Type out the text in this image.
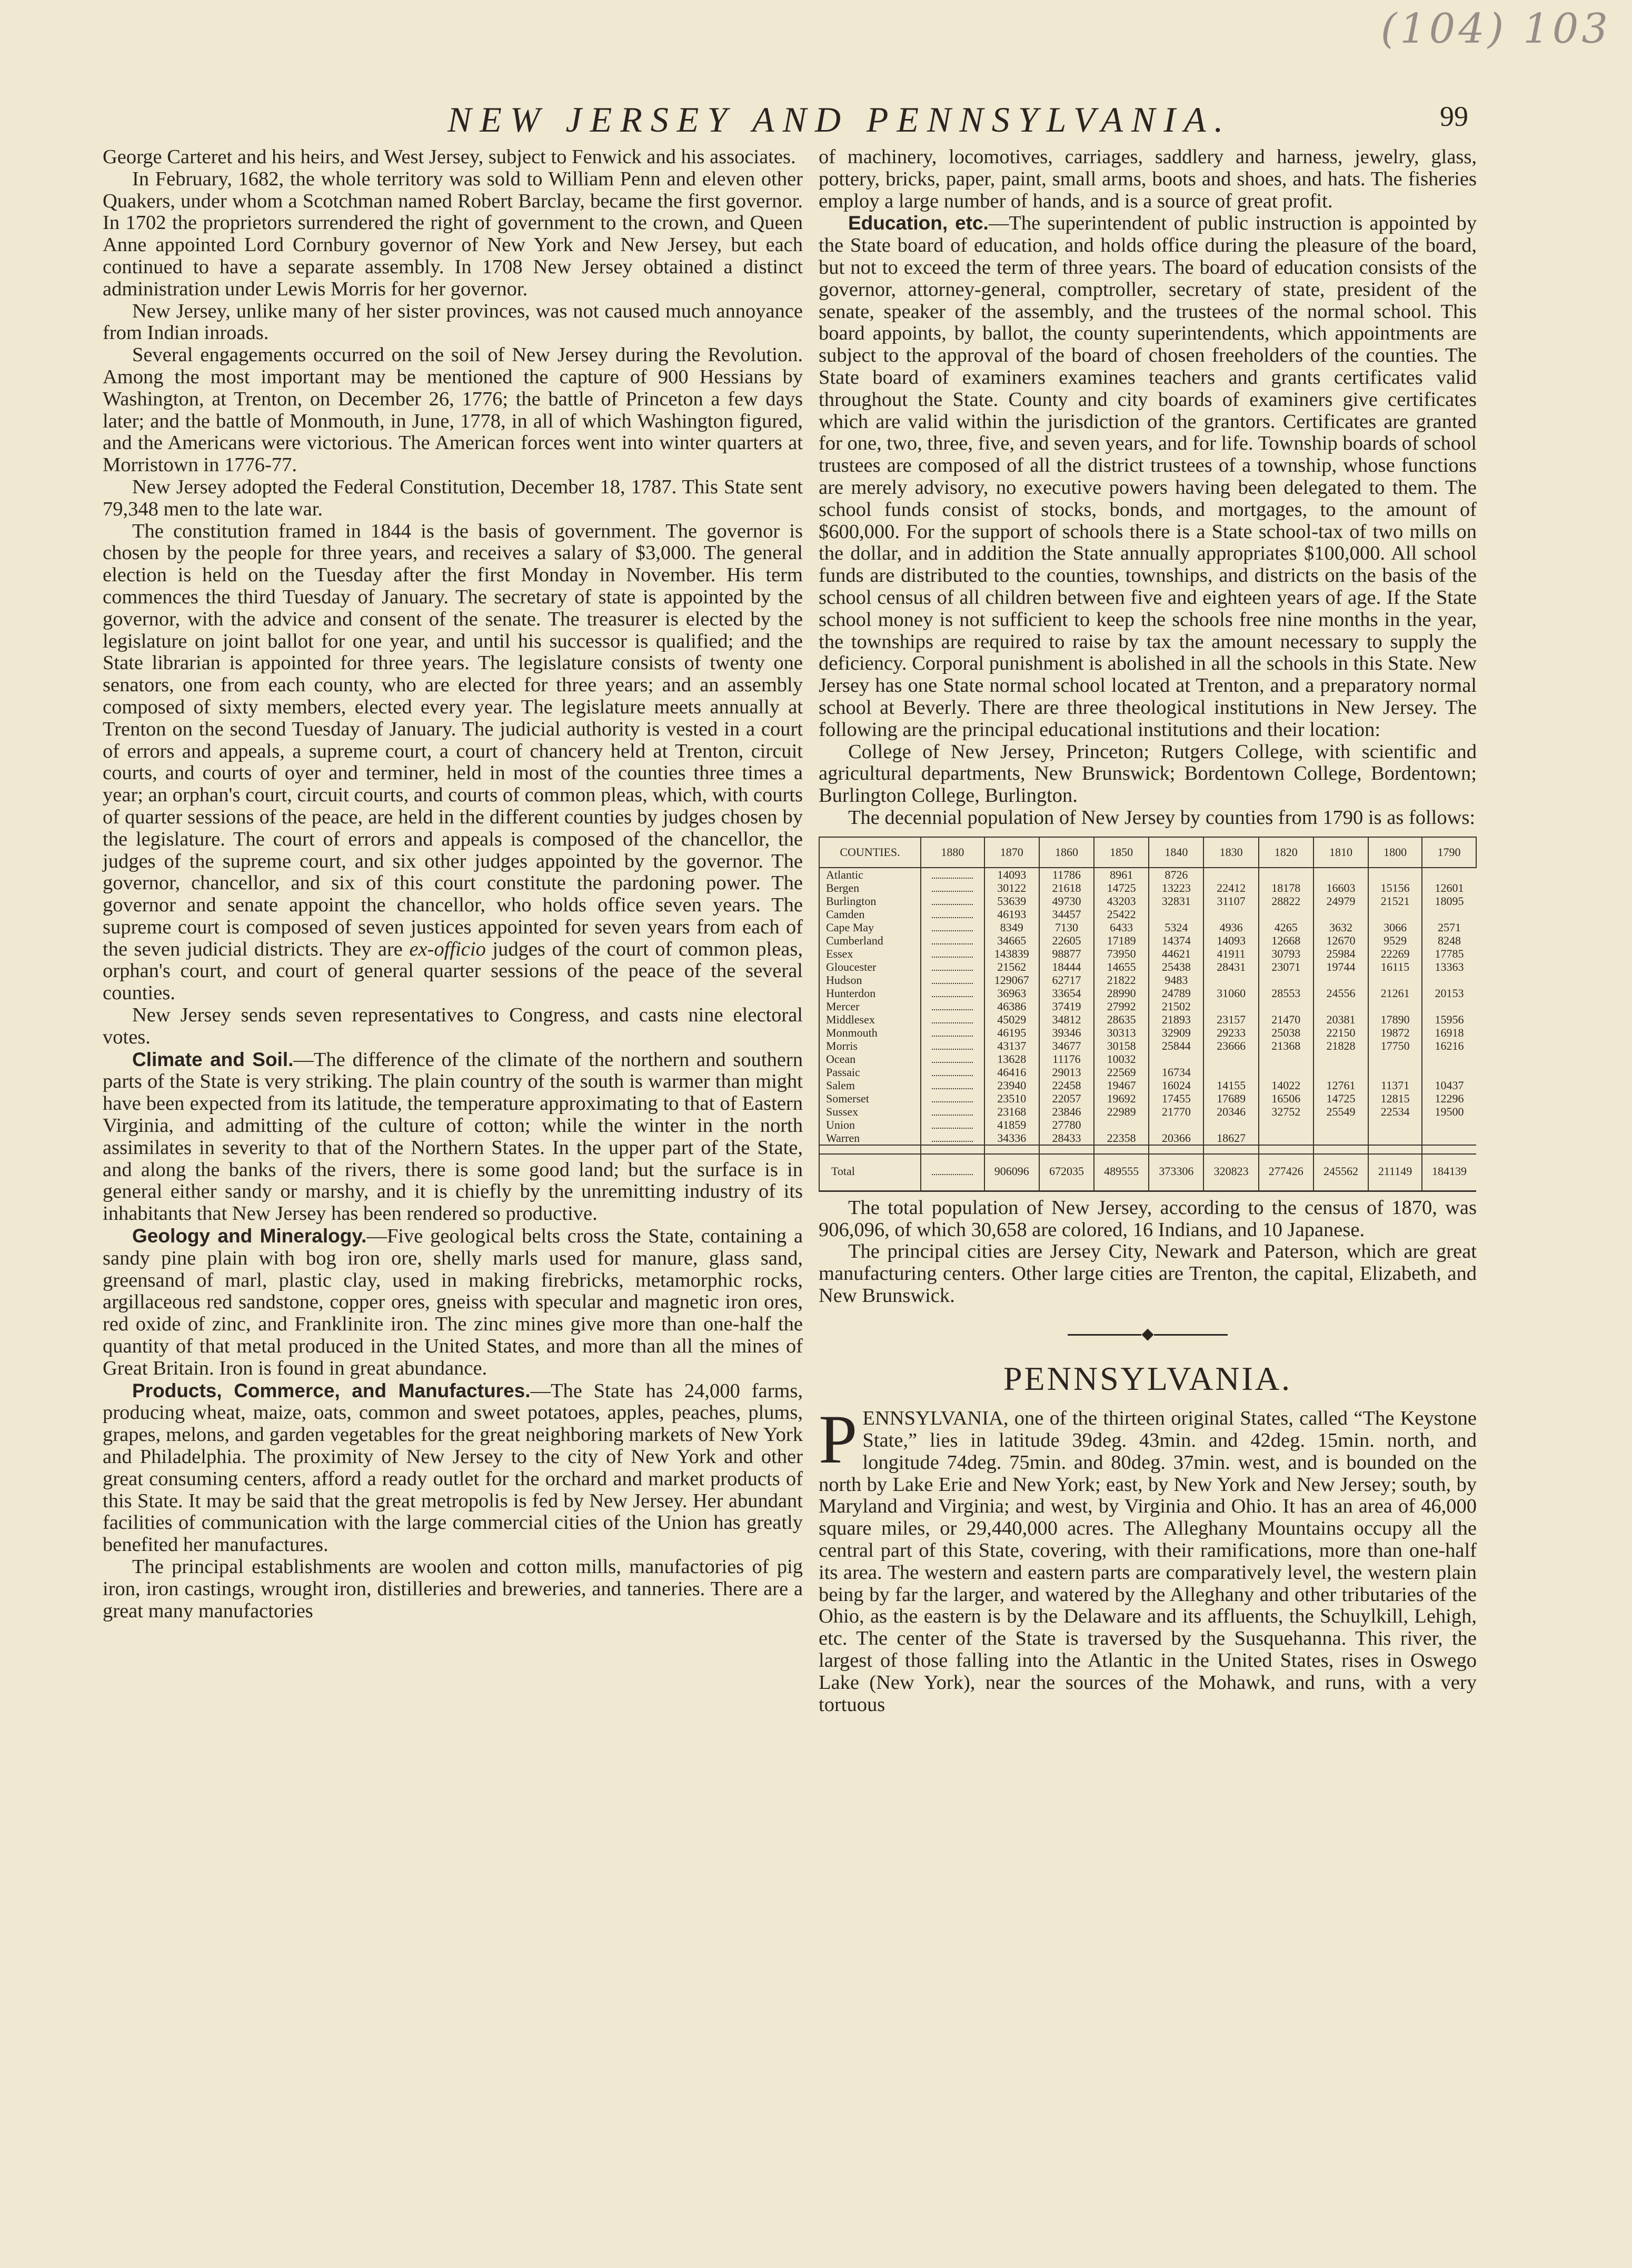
(104) 103
NEW JERSEY AND PENNSYLVANIA.	99

George Carteret and his heirs, and West Jersey, subject to Fenwick and his associates.

In February, 1682, the whole territory was sold to William Penn and eleven other Quakers, under whom a Scotchman named Robert Barclay, became the first governor. In 1702 the proprietors surrendered the right of government to the crown, and Queen Anne appointed Lord Cornbury governor of New York and New Jersey, but each continued to have a separate assembly. In 1708 New Jersey obtained a distinct administration under Lewis Morris for her governor.

New Jersey, unlike many of her sister provinces, was not caused much annoyance from Indian inroads.

Several engagements occurred on the soil of New Jersey during the Revolution. Among the most important may be mentioned the capture of 900 Hessians by Washington, at Trenton, on December 26, 1776; the battle of Princeton a few days later; and the battle of Monmouth, in June, 1778, in all of which Washington figured, and the Americans were victorious. The American forces went into winter quarters at Morristown in 1776-77.

New Jersey adopted the Federal Constitution, December 18, 1787. This State sent 79,348 men to the late war.

The constitution framed in 1844 is the basis of government. The governor is chosen by the people for three years, and receives a salary of $3,000. The general election is held on the Tuesday after the first Monday in November. His term commences the third Tuesday of January. The secretary of state is appointed by the governor, with the advice and consent of the senate. The treasurer is elected by the legislature on joint ballot for one year, and until his successor is qualified; and the State librarian is appointed for three years. The legislature consists of twenty one senators, one from each county, who are elected for three years; and an assembly composed of sixty members, elected every year. The legislature meets annually at Trenton on the second Tuesday of January. The judicial authority is vested in a court of errors and appeals, a supreme court, a court of chancery held at Trenton, circuit courts, and courts of oyer and terminer, held in most of the counties three times a year; an orphan's court, circuit courts, and courts of common pleas, which, with courts of quarter sessions of the peace, are held in the different counties by judges chosen by the legislature. The court of errors and appeals is composed of the chancellor, the judges of the supreme court, and six other judges appointed by the governor. The governor, chancellor, and six of this court constitute the pardoning power. The governor and senate appoint the chancellor, who holds office seven years. The supreme court is composed of seven justices appointed for seven years from each of the seven judicial districts. They are ex-officio judges of the court of common pleas, orphan's court, and court of general quarter sessions of the peace of the several counties.

New Jersey sends seven representatives to Congress, and casts nine electoral votes.

Climate and Soil.—The difference of the climate of the northern and southern parts of the State is very striking. The plain country of the south is warmer than might have been expected from its latitude, the temperature approximating to that of Eastern Virginia, and admitting of the culture of cotton; while the winter in the north assimilates in severity to that of the Northern States. In the upper part of the State, and along the banks of the rivers, there is some good land; but the surface is in general either sandy or marshy, and it is chiefly by the unremitting industry of its inhabitants that New Jersey has been rendered so productive.

Geology and Mineralogy.—Five geological belts cross the State, containing a sandy pine plain with bog iron ore, shelly marls used for manure, glass sand, greensand of marl, plastic clay, used in making firebricks, metamorphic rocks, argillaceous red sandstone, copper ores, gneiss with specular and magnetic iron ores, red oxide of zinc, and Franklinite iron. The zinc mines give more than one-half the quantity of that metal produced in the United States, and more than all the mines of Great Britain. Iron is found in great abundance.

Products, Commerce, and Manufactures.—The State has 24,000 farms, producing wheat, maize, oats, common and sweet potatoes, apples, peaches, plums, grapes, melons, and garden vegetables for the great neighboring markets of New York and Philadelphia. The proximity of New Jersey to the city of New York and other great consuming centers, afford a ready outlet for the orchard and market products of this State. It may be said that the great metropolis is fed by New Jersey. Her abundant facilities of communication with the large commercial cities of the Union has greatly benefited her manufactures.

The principal establishments are woolen and cotton mills, manufactories of pig iron, iron castings, wrought iron, distilleries and breweries, and tanneries. There are a great many manufactories

of machinery, locomotives, carriages, saddlery and harness, jewelry, glass, pottery, bricks, paper, paint, small arms, boots and shoes, and hats. The fisheries employ a large number of hands, and is a source of great profit.

Education, etc.—The superintendent of public instruction is appointed by the State board of education, and holds office during the pleasure of the board, but not to exceed the term of three years. The board of education consists of the governor, attorney-general, comptroller, secretary of state, president of the senate, speaker of the assembly, and the trustees of the normal school. This board appoints, by ballot, the county superintendents, which appointments are subject to the approval of the board of chosen freeholders of the counties. The State board of examiners examines teachers and grants certificates valid throughout the State. County and city boards of examiners give certificates which are valid within the jurisdiction of the grantors. Certificates are granted for one, two, three, five, and seven years, and for life. Township boards of school trustees are composed of all the district trustees of a township, whose functions are merely advisory, no executive powers having been delegated to them. The school funds consist of stocks, bonds, and mortgages, to the amount of $600,000. For the support of schools there is a State school-tax of two mills on the dollar, and in addition the State annually appropriates $100,000. All school funds are distributed to the counties, townships, and districts on the basis of the school census of all children between five and eighteen years of age. If the State school money is not sufficient to keep the schools free nine months in the year, the townships are required to raise by tax the amount necessary to supply the deficiency. Corporal punishment is abolished in all the schools in this State. New Jersey has one State normal school located at Trenton, and a preparatory normal school at Beverly. There are three theological institutions in New Jersey. The following are the principal educational institutions and their location:

College of New Jersey, Princeton; Rutgers College, with scientific and agricultural departments, New Brunswick; Bordentown College, Bordentown; Burlington College, Burlington.

The decennial population of New Jersey by counties from 1790 is as follows:

COUNTIES.	1880	1870	1860	1850	1840	1830	1820	1810	1800	1790
Atlantic		14093	11786	8961	8726					
Bergen		30122	21618	14725	13223	22412	18178	16603	15156	12601
Burlington		53639	49730	43203	32831	31107	28822	24979	21521	18095
Camden		46193	34457	25422						
Cape May		8349	7130	6433	5324	4936	4265	3632	3066	2571
Cumberland		34665	22605	17189	14374	14093	12668	12670	9529	8248
Essex		143839	98877	73950	44621	41911	30793	25984	22269	17785
Gloucester		21562	18444	14655	25438	28431	23071	19744	16115	13363
Hudson		129067	62717	21822	9483					
Hunterdon		36963	33654	28990	24789	31060	28553	24556	21261	20153
Mercer		46386	37419	27992	21502					
Middlesex		45029	34812	28635	21893	23157	21470	20381	17890	15956
Monmouth		46195	39346	30313	32909	29233	25038	22150	19872	16918
Morris		43137	34677	30158	25844	23666	21368	21828	17750	16216
Ocean		13628	11176	10032						
Passaic		46416	29013	22569	16734					
Salem		23940	22458	19467	16024	14155	14022	12761	11371	10437
Somerset		23510	22057	19692	17455	17689	16506	14725	12815	12296
Sussex		23168	23846	22989	21770	20346	32752	25549	22534	19500
Union		41859	27780							
Warren		34336	28433	22358	20366	18627				

Total		906096	672035	489555	373306	320823	277426	245562	211149	184139

The total population of New Jersey, according to the census of 1870, was 906,096, of which 30,658 are colored, 16 Indians, and 10 Japanese.

The principal cities are Jersey City, Newark and Paterson, which are great manufacturing centers. Other large cities are Trenton, the capital, Elizabeth, and New Brunswick.

◆
PENNSYLVANIA.

PENNSYLVANIA, one of the thirteen original States, called “The Keystone State,” lies in latitude 39deg. 43min. and 42deg. 15min. north, and longitude 74deg. 75min. and 80deg. 37min. west, and is bounded on the north by Lake Erie and New York; east, by New York and New Jersey; south, by Maryland and Virginia; and west, by Virginia and Ohio. It has an area of 46,000 square miles, or 29,440,000 acres. The Alleghany Mountains occupy all the central part of this State, covering, with their ramifications, more than one-half its area. The western and eastern parts are comparatively level, the western plain being by far the larger, and watered by the Alleghany and other tributaries of the Ohio, as the eastern is by the Delaware and its affluents, the Schuylkill, Lehigh, etc. The center of the State is traversed by the Susquehanna. This river, the largest of those falling into the Atlantic in the United States, rises in Oswego Lake (New York), near the sources of the Mohawk, and runs, with a very tortuous
